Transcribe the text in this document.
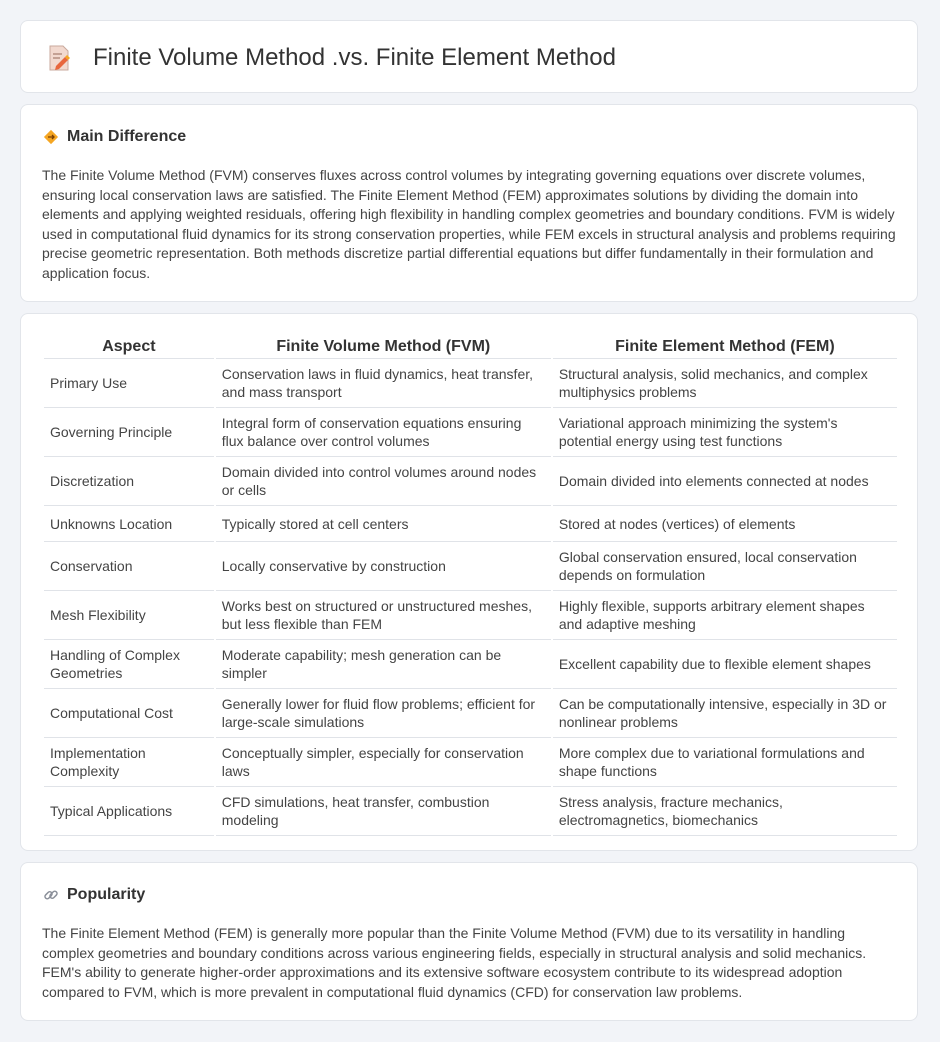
Finite Volume Method .vs. Finite Element Method
Main Difference

The Finite Volume Method (FVM) conserves fluxes across control volumes by integrating governing equations over discrete volumes, ensuring local conservation laws are satisfied. The Finite Element Method (FEM) approximates solutions by dividing the domain into elements and applying weighted residuals, offering high flexibility in handling complex geometries and boundary conditions. FVM is widely used in computational fluid dynamics for its strong conservation properties, while FEM excels in structural analysis and problems requiring precise geometric representation. Both methods discretize partial differential equations but differ fundamentally in their formulation and application focus.

Aspect	Finite Volume Method (FVM)	Finite Element Method (FEM)
Primary Use	Conservation laws in fluid dynamics, heat transfer, and mass transport	Structural analysis, solid mechanics, and complex multiphysics problems
Governing Principle	Integral form of conservation equations ensuring flux balance over control volumes	Variational approach minimizing the system's potential energy using test functions
Discretization	Domain divided into control volumes around nodes or cells	Domain divided into elements connected at nodes
Unknowns Location	Typically stored at cell centers	Stored at nodes (vertices) of elements
Conservation	Locally conservative by construction	Global conservation ensured, local conservation depends on formulation
Mesh Flexibility	Works best on structured or unstructured meshes, but less flexible than FEM	Highly flexible, supports arbitrary element shapes and adaptive meshing
Handling of Complex Geometries	Moderate capability; mesh generation can be simpler	Excellent capability due to flexible element shapes
Computational Cost	Generally lower for fluid flow problems; efficient for large-scale simulations	Can be computationally intensive, especially in 3D or nonlinear problems
Implementation Complexity	Conceptually simpler, especially for conservation laws	More complex due to variational formulations and shape functions
Typical Applications	CFD simulations, heat transfer, combustion modeling	Stress analysis, fracture mechanics, electromagnetics, biomechanics
Popularity

The Finite Element Method (FEM) is generally more popular than the Finite Volume Method (FVM) due to its versatility in handling complex geometries and boundary conditions across various engineering fields, especially in structural analysis and solid mechanics. FEM's ability to generate higher-order approximations and its extensive software ecosystem contribute to its widespread adoption compared to FVM, which is more prevalent in computational fluid dynamics (CFD) for conservation law problems.
